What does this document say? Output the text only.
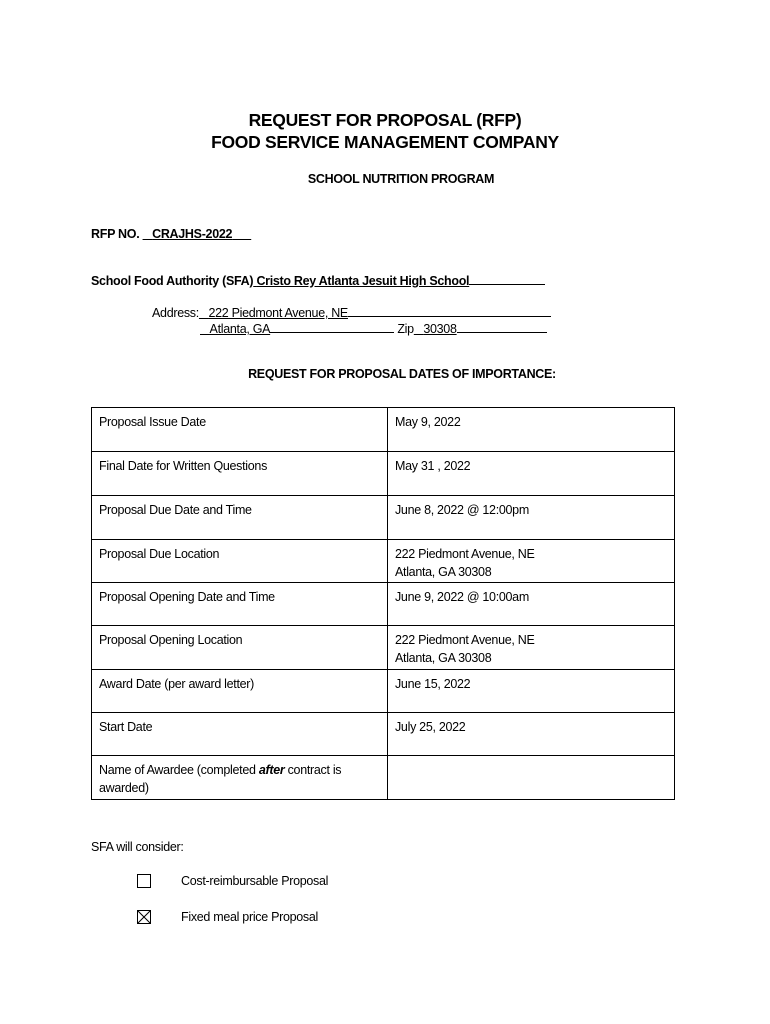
REQUEST FOR PROPOSAL (RFP)
FOOD SERVICE MANAGEMENT COMPANY
SCHOOL NUTRITION PROGRAM
RFP NO. CRAJHS-2022
School Food Authority (SFA) Cristo Rey Atlanta Jesuit High School
Address: 222 Piedmont Avenue, NE
Atlanta, GA	Zip 30308
REQUEST FOR PROPOSAL DATES OF IMPORTANCE:
Proposal Issue Date	May 9, 2022

Final Date for Written Questions	May 31 , 2022

Proposal Due Date and Time	June 8, 2022 @ 12:00pm

Proposal Due Location	222 Piedmont Avenue, NE
Atlanta, GA 30308

Proposal Opening Date and Time	June 9, 2022 @ 10:00am

Proposal Opening Location	222 Piedmont Avenue, NE
Atlanta, GA 30308

Award Date (per award letter)	June 15, 2022

Start Date	July 25, 2022

Name of Awardee (completed after contract is
awarded)	

SFA will consider:
Cost-reimbursable Proposal
Fixed meal price Proposal
